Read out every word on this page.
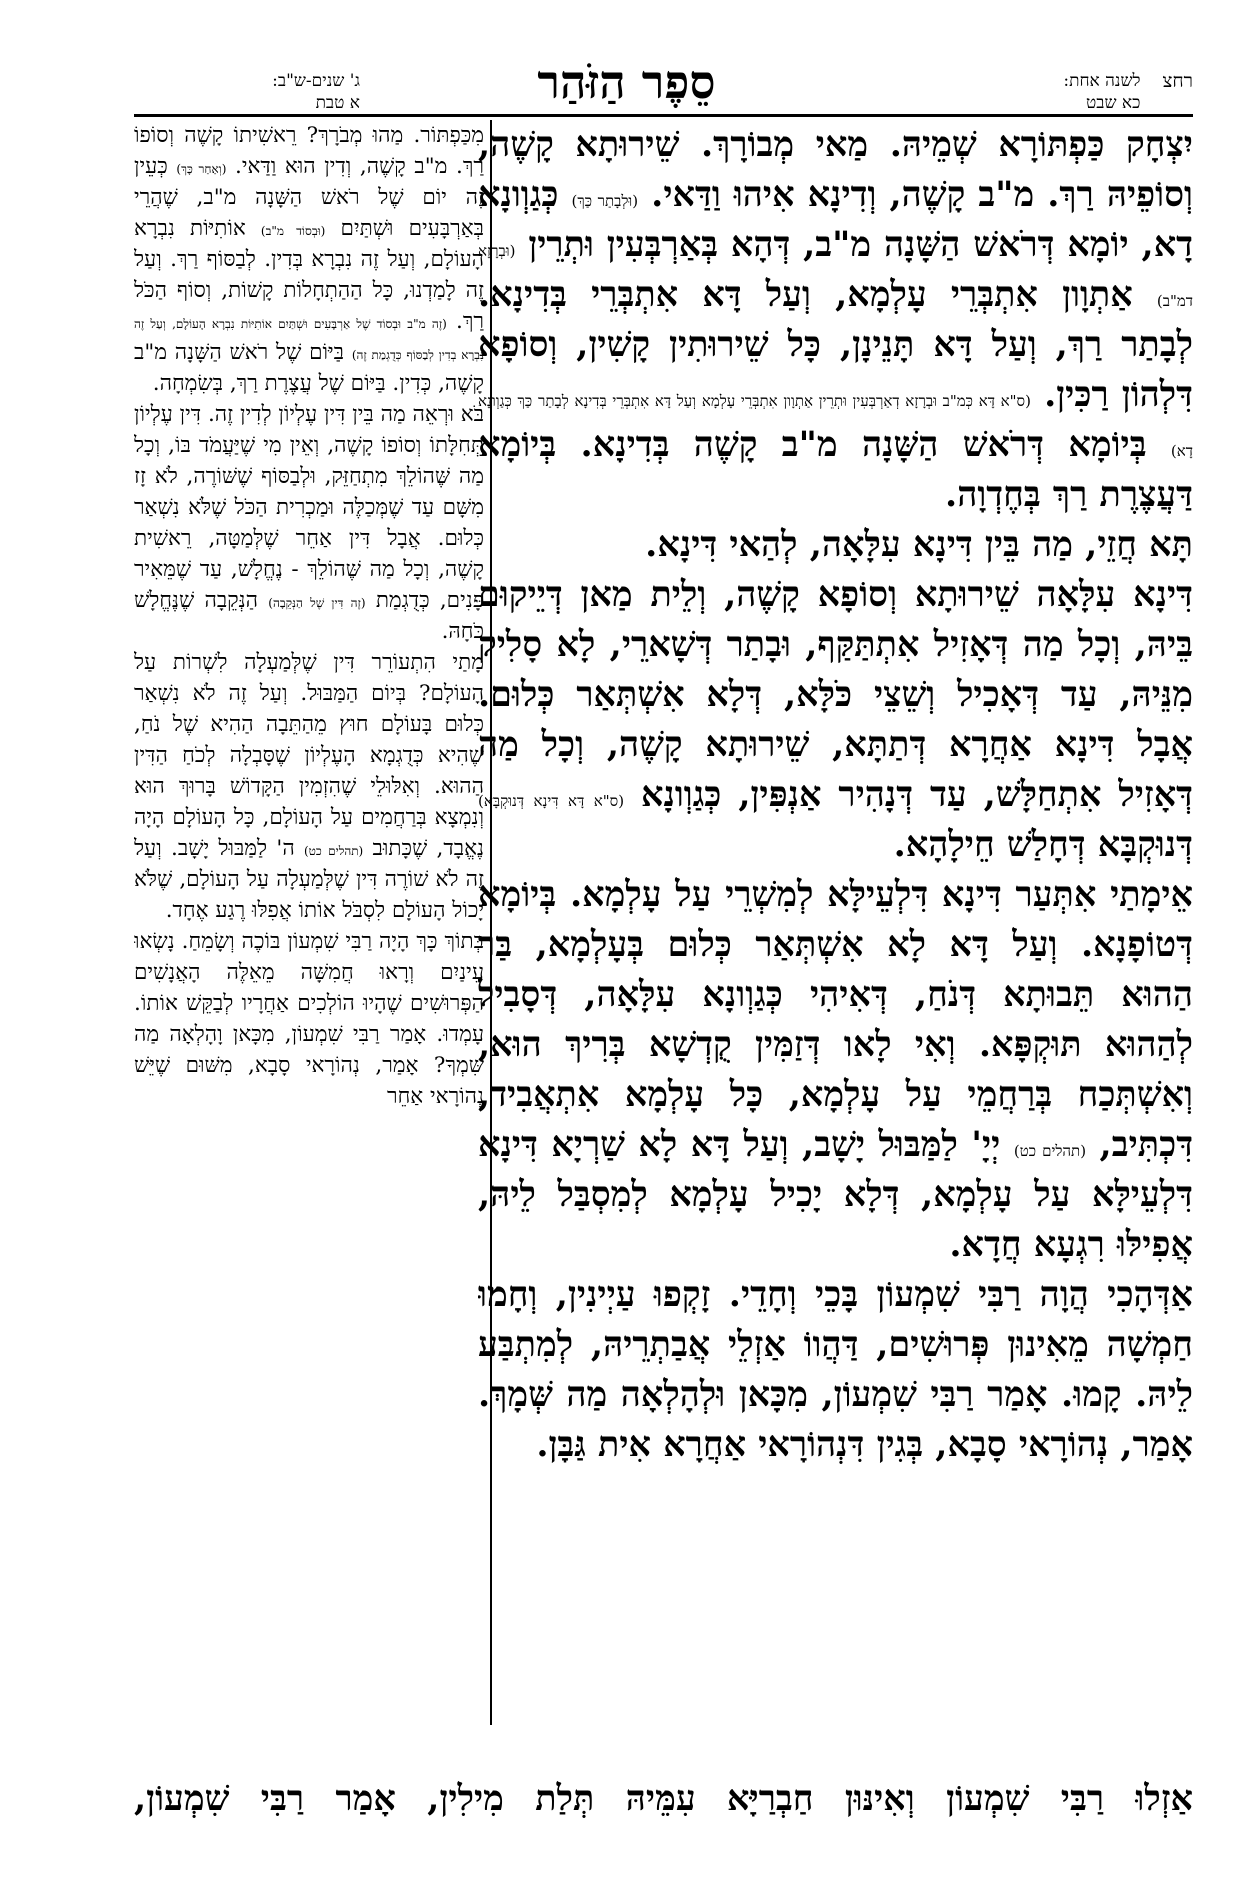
רחצ
לשנה אחת:
כא שבט
סֵפֶר הַזֹּהַר
ג' שנים-ש"ב:
א טבת

יִצְחָק כַּפְתּוֹרָא שְׁמֵיהּ. מַאי מְבוֹרָךְ. שֵׁירוּתָא קָשֶׁה, וְסוֹפֵיהּ רַךְ. מ"ב קָשֶׁה, וְדִינָא אִיהוּ וַדַּאי. (וּלְבָתַר כַּךְ) כְּגַוְונָא דָא, יוֹמָא דְּרֹאשׁ הַשָּׁנָה מ"ב, דְּהָא בְּאַרְבְּעִין וּתְרֵין (וּבְרָזָא דמ"ב) אַתְוָון אִתְבְּרֵי עָלְמָא, וְעַל דָּא אִתְבְּרֵי בְּדִינָא. לְבָתַר רַךְ, וְעַל דָּא תָּנֵינָן, כָּל שֵׁירוּתִין קָשִׁין, וְסוֹפָא דִּלְהוֹן רַכִּין. (ס"א דָּא כְּמ"ב וּבְרָזָא דְאַרְבְּעִין וּתְרֵין אַתְוָון אִתְבְּרֵי עָלְמָא וְעַל דָּא אִתְבְּרֵי בְּדִינָא לְבָתַר כַּךְ כְּגַוְונָא דָא) בְּיוֹמָא דְּרֹאשׁ הַשָּׁנָה מ"ב קָשֶׁה בְּדִינָא. בְּיוֹמָא דַּעֲצֶרֶת רַךְ בְּחֶדְוָה.

תָּא חֲזֵי, מַה בֵּין דִּינָא עִלָּאָה, לְהַאי דִּינָא.

דִּינָא עִלָּאָה שֵׁירוּתָא וְסוֹפָא קָשֶׁה, וְלֵית מַאן דְּיֵיקוּם בֵּיהּ, וְכָל מַה דְּאָזִיל אִתְתַּקַּף, וּבָתַר דְּשָׁארֵי, לָא סָלִיק מִנֵּיהּ, עַד דְּאָכִיל וְשֵׁצֵי כֹּלָּא, דְּלָא אִשְׁתְּאַר כְּלוּם. אֲבָל דִּינָא אַחֲרָא דְּתַתָּא, שֵׁירוּתָא קָשֶׁה, וְכָל מַה דְּאָזִיל אִתְחַלָּשׁ, עַד דְּנָהִיר אַנְפִּין, כְּגַוְונָא (ס"א דָּא דִּינָא דְּנוּקְבָּא) דְּנוּקְבָּא דְּחָלַשׁ חֵילָהָא.

אֵימָתַי אִתְּעַר דִּינָא דִּלְעֵילָּא לְמִשְׁרֵי עַל עָלְמָא. בְּיוֹמָא דְּטוֹפָנָא. וְעַל דָּא לָא אִשְׁתְּאַר כְּלוּם בְּעָלְמָא, בַּר הַהוּא תֵּבוּתָא דְּנֹחַ, דְּאִיהִי כְּגַוְונָא עִלָּאָה, דְּסָבִיל לְהַהוּא תּוּקְפָּא. וְאִי לָאו דְּזַמִּין קֻדְשָׁא בְּרִיךְ הוּא, וְאִשְׁתְּכַח בְּרַחֲמֵי עַל עָלְמָא, כָּל עָלְמָא אִתְאֲבִיד, דִּכְתִּיב, (תהלים כט) יְיָ' לַמַּבּוּל יָשָׁב, וְעַל דָּא לָא שַׁרְיָא דִּינָא דִּלְעֵילָּא עַל עָלְמָא, דְּלָא יָכִיל עָלְמָא לְמִסְבַּל לֵיהּ, אֲפִילּוּ רִגְעָא חֲדָא.

אַדְּהָכִי הֲוָה רַבִּי שִׁמְעוֹן בָּכֵי וְחָדֵי. זָקְפוּ עַיְינִין, וְחָמוּ חַמְשָׁה מֵאִינוּן פְּרוּשִׁים, דַּהֲווֹ אַזְלֵי אֲבַתְרֵיהּ, לְמִתְבַּע לֵיהּ. קָמוּ. אָמַר רַבִּי שִׁמְעוֹן, מִכָּאן וּלְהָלְאָה מַה שְּׁמָךְ. אָמַר, נְהוֹרָאי סָבָא, בְּגִין דִּנְהוֹרָאי אַחֲרָא אִית גַּבָּן.

מִכַּפְתּוֹר. מַהוּ מְבֹרָךְ? רֵאשִׁיתוֹ קָשֶׁה וְסוֹפוֹ רַךְ. מ"ב קָשֶׁה, וְדִין הוּא וַדַּאי. (וְאַחַר כָּךְ) כְּעֵין זֶה יוֹם שֶׁל רֹאשׁ הַשָּׁנָה מ"ב, שֶׁהֲרֵי בְּאַרְבָּעִים וּשְׁתַּיִם (וּבְסוֹד מ"ב) אוֹתִיּוֹת נִבְרָא הָעוֹלָם, וְעַל זֶה נִבְרָא בְּדִין. לְבַסּוֹף רַךְ. וְעַל זֶה לָמַדְנוּ, כָּל הַהַתְחָלוֹת קָשׁוֹת, וְסוֹף הַכֹּל רַךְ. (זֶה מ"ב וּבְסוֹד שֶׁל אַרְבָּעִים וּשְׁתַּיִם אוֹתִיּוֹת נִבְרָא הָעוֹלָם, וְעַל זֶה נִבְרָא בְדִין לְבַסּוֹף כְּדֻגְמַת זֶה) בַּיּוֹם שֶׁל רֹאשׁ הַשָּׁנָה מ"ב קָשֶׁה, כְּדִין. בַּיּוֹם שֶׁל עֲצֶרֶת רַךְ, בְּשִׂמְחָה.

בֹּא וּרְאֵה מַה בֵּין דִּין עֶלְיוֹן לְדִין זֶה. דִּין עֶלְיוֹן תְּחִלָּתוֹ וְסוֹפוֹ קָשֶׁה, וְאֵין מִי שֶׁיַּעֲמֹד בּוֹ, וְכָל מַה שֶּׁהוֹלֵךְ מִתְחַזֵּק, וּלְבַסּוֹף שֶׁשּׁוֹרֶה, לֹא זָז מִשָּׁם עַד שֶׁמְּכַלֶּה וּמַכְרִית הַכֹּל שֶׁלֹּא נִשְׁאַר כְּלוּם. אֲבָל דִּין אַחֵר שֶׁלְּמַטָּה, רֵאשִׁית קָשֶׁה, וְכָל מַה שֶּׁהוֹלֵךְ - נֶחֱלָשׁ, עַד שֶׁמֵּאִיר פָּנִים, כְּדֻגְמַת (זֶה דִּין שֶׁל הַנְּקֵבָה) הַנְּקֵבָה שֶׁנֶּחֱלָשׁ כֹּחָהּ.

מָתַי הִתְעוֹרֵר דִּין שֶׁלְּמַעְלָה לִשְׁרוֹת עַל הָעוֹלָם? בְּיוֹם הַמַּבּוּל. וְעַל זֶה לֹא נִשְׁאַר כְּלוּם בָּעוֹלָם חוּץ מֵהַתֵּבָה הַהִיא שֶׁל נֹחַ, שֶׁהִיא כְּדֻגְמָא הָעֶלְיוֹן שֶׁסָּבְלָה לְכֹחַ הַדִּין הַהוּא. וְאִלּוּלֵי שֶׁהִזְמִין הַקָּדוֹשׁ בָּרוּךְ הוּא וְנִמְצָא בְּרַחֲמִים עַל הָעוֹלָם, כָּל הָעוֹלָם הָיָה נֶאֱבָד, שֶׁכָּתוּב (תהלים כט) ה' לַמַּבּוּל יָשָׁב. וְעַל זֶה לֹא שׁוֹרֶה דִּין שֶׁלְּמַעְלָה עַל הָעוֹלָם, שֶׁלֹּא יָכוֹל הָעוֹלָם לִסְבֹּל אוֹתוֹ אֲפִלּוּ רֶגַע אֶחָד.

בְּתוֹךְ כָּךְ הָיָה רַבִּי שִׁמְעוֹן בּוֹכֶה וְשָׂמֵחַ. נָשְׂאוּ עֵינַיִם וְרָאוּ חֲמִשָּׁה מֵאֵלֶּה הָאֲנָשִׁים הַפְּרוּשִׁים שֶׁהָיוּ הוֹלְכִים אַחֲרָיו לְבַקֵּשׁ אוֹתוֹ. עָמְדוּ. אָמַר רַבִּי שִׁמְעוֹן, מִכָּאן וָהָלְאָה מַה שִּׁמְךָ? אָמַר, נְהוֹרָאי סָבָא, מִשּׁוּם שֶׁיֵּשׁ נְהוֹרָאי אַחֵר

אַזְלוּ רַבִּי שִׁמְעוֹן וְאִינּוּן חַבְרַיָּא עִמֵּיהּ תְּלַת מִילִין, אָמַר רַבִּי שִׁמְעוֹן,
